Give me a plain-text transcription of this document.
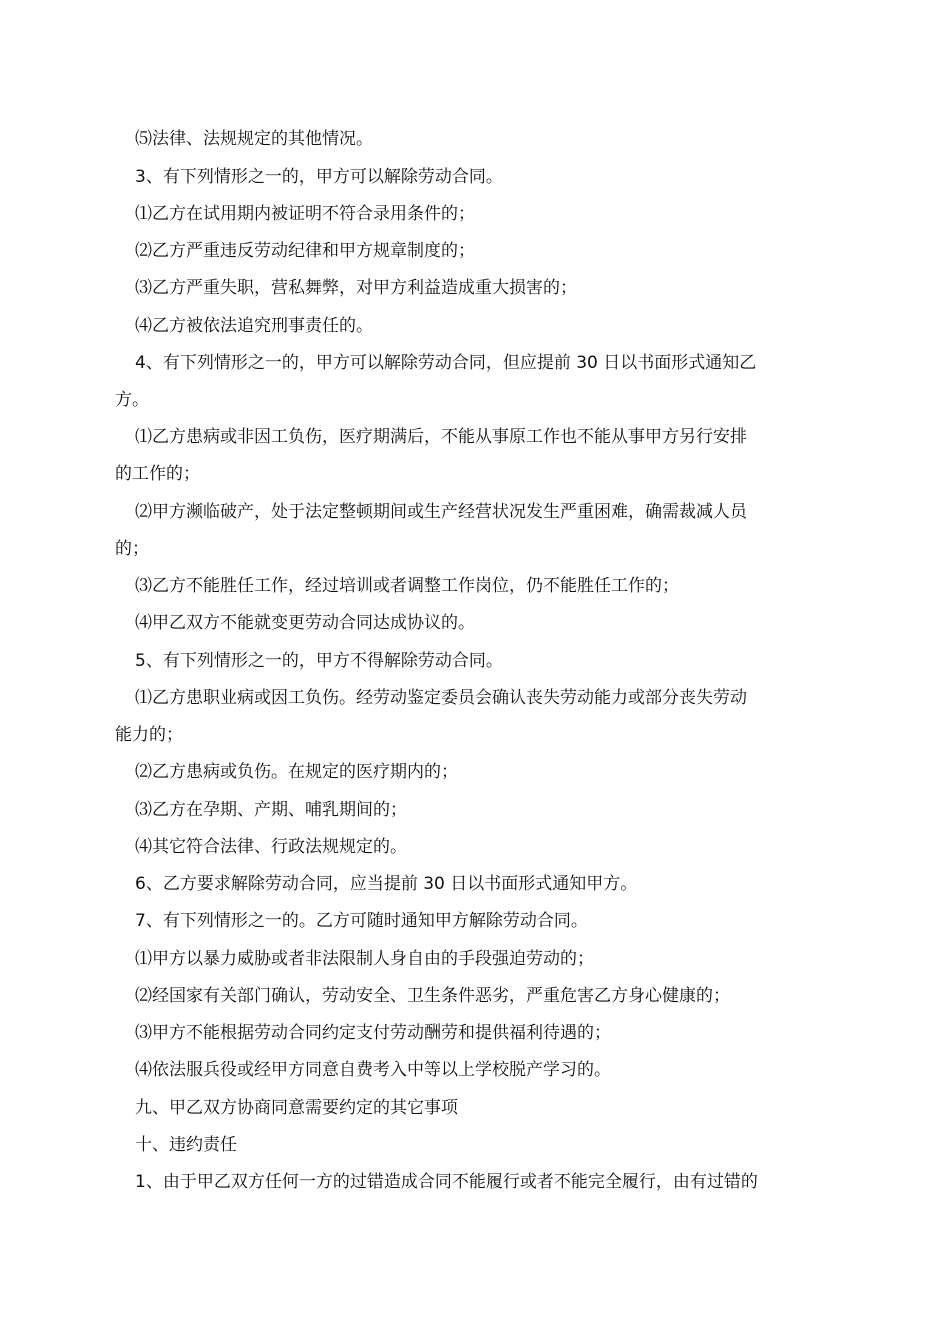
⑸法律、法规规定的其他情况。
3、有下列情形之一的，甲方可以解除劳动合同。
⑴乙方在试用期内被证明不符合录用条件的；
⑵乙方严重违反劳动纪律和甲方规章制度的；
⑶乙方严重失职，营私舞弊，对甲方利益造成重大损害的；
⑷乙方被依法追究刑事责任的。
4、有下列情形之一的，甲方可以解除劳动合同，但应提前 30 日以书面形式通知乙
方。
⑴乙方患病或非因工负伤，医疗期满后，不能从事原工作也不能从事甲方另行安排
的工作的；
⑵甲方濒临破产，处于法定整顿期间或生产经营状况发生严重困难，确需裁减人员
的；
⑶乙方不能胜任工作，经过培训或者调整工作岗位，仍不能胜任工作的；
⑷甲乙双方不能就变更劳动合同达成协议的。
5、有下列情形之一的，甲方不得解除劳动合同。
⑴乙方患职业病或因工负伤。经劳动鉴定委员会确认丧失劳动能力或部分丧失劳动
能力的；
⑵乙方患病或负伤。在规定的医疗期内的；
⑶乙方在孕期、产期、哺乳期间的；
⑷其它符合法律、行政法规规定的。
6、乙方要求解除劳动合同，应当提前 30 日以书面形式通知甲方。
7、有下列情形之一的。乙方可随时通知甲方解除劳动合同。
⑴甲方以暴力威胁或者非法限制人身自由的手段强迫劳动的；
⑵经国家有关部门确认，劳动安全、卫生条件恶劣，严重危害乙方身心健康的；
⑶甲方不能根据劳动合同约定支付劳动酬劳和提供福利待遇的；
⑷依法服兵役或经甲方同意自费考入中等以上学校脱产学习的。
九、甲乙双方协商同意需要约定的其它事项
十、违约责任
1、由于甲乙双方任何一方的过错造成合同不能履行或者不能完全履行，由有过错的
